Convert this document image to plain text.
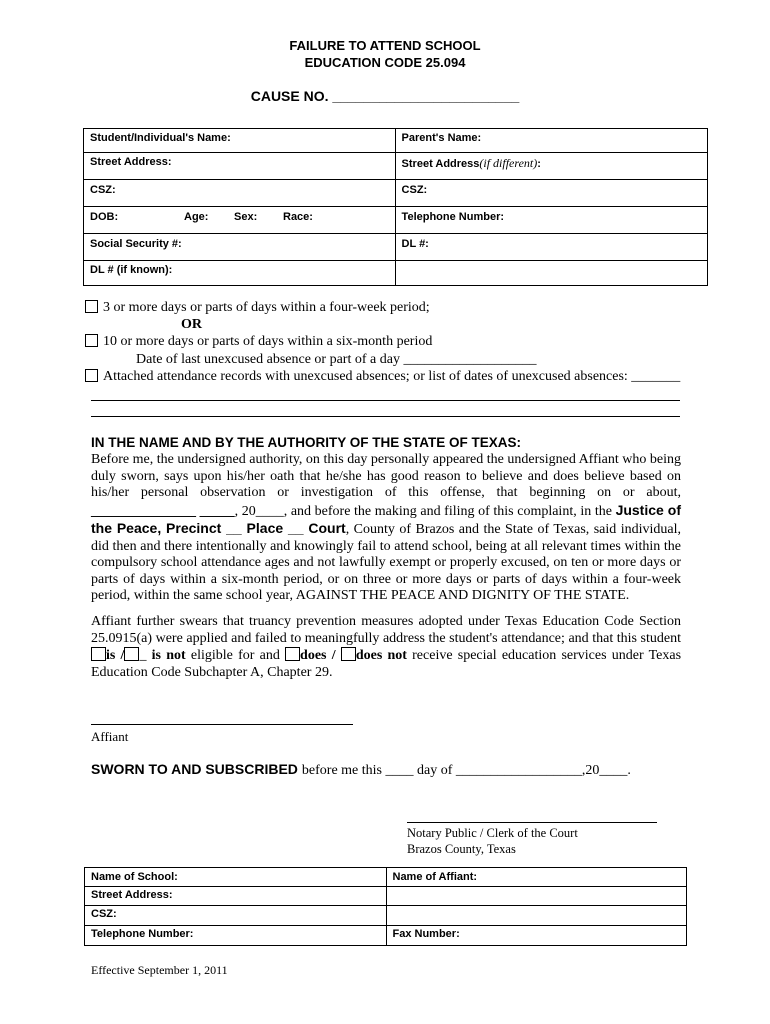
FAILURE TO ATTEND SCHOOL
EDUCATION CODE 25.094
CAUSE NO. ________________________
Student/Individual's Name:	Parent's Name:
Street Address:	Street Address(if different):
CSZ:	CSZ:
DOB: Age: Sex: Race:	Telephone Number:
Social Security #:	DL #:
DL # (if known):	
3 or more days or parts of days within a four-week period;
OR
10 or more days or parts of days within a six-month period
Date of last unexcused absence or part of a day ___________________
Attached attendance records with unexcused absences; or list of dates of unexcused absences: _______
IN THE NAME AND BY THE AUTHORITY OF THE STATE OF TEXAS:
Before me, the undersigned authority, on this day personally appeared the undersigned Affiant who being duly sworn, says upon his/her oath that he/she has good reason to believe and does believe based on his/her personal observation or investigation of this offense, that beginning on or about, _______________ _____, 20____, and before the making and filing of this complaint, in the Justice of the Peace, Precinct __ Place __ Court, County of Brazos and the State of Texas, said individual, did then and there intentionally and knowingly fail to attend school, being at all relevant times within the compulsory school attendance ages and not lawfully exempt or properly excused, on ten or more days or parts of days within a six-month period, or on three or more days or parts of days within a four-week period, within the same school year, AGAINST THE PEACE AND DIGNITY OF THE STATE.
Affiant further swears that truancy prevention measures adopted under Texas Education Code Section 25.0915(a) were applied and failed to meaningfully address the student's attendance; and that this student is / _ is not eligible for and does / does not receive special education services under Texas Education Code Subchapter A, Chapter 29.
Affiant
SWORN TO AND SUBSCRIBED before me this ____ day of __________________,20____.
Notary Public / Clerk of the Court
Brazos County, Texas
Name of School:	Name of Affiant:
Street Address:	
CSZ:	
Telephone Number:	Fax Number:
Effective September 1, 2011
